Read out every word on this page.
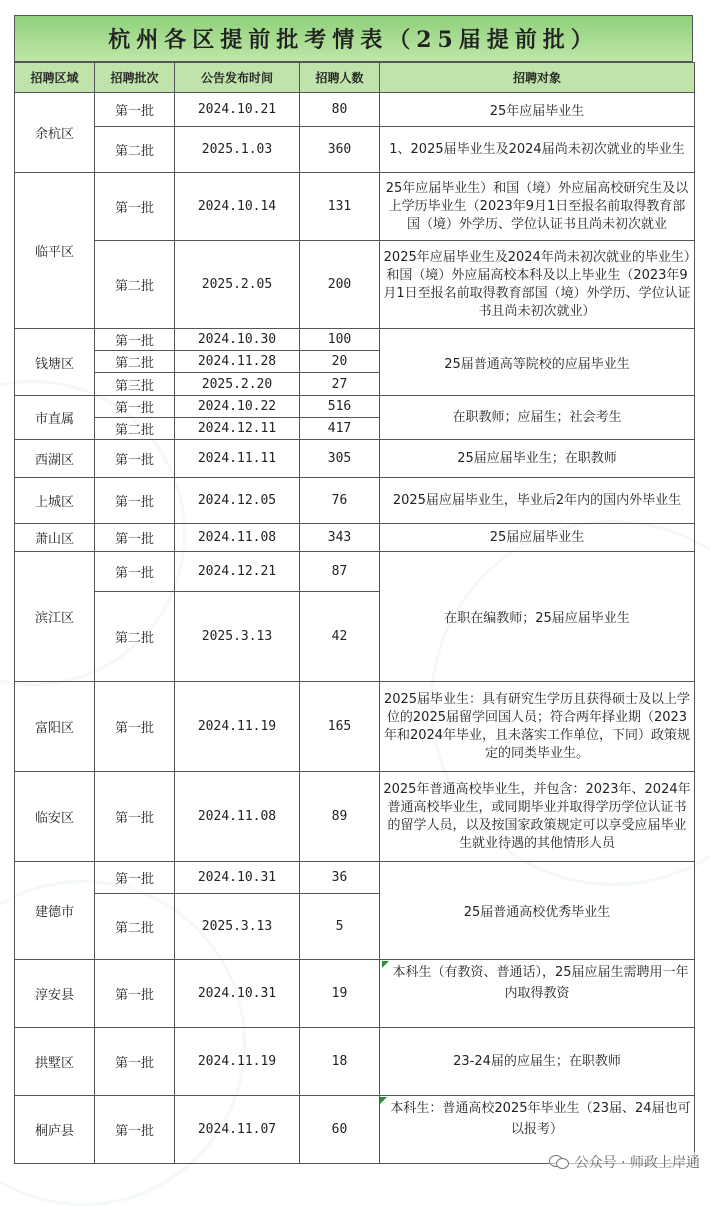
杭州各区提前批考情表（25届提前批）
招聘区域	招聘批次	公告发布时间	招聘人数	招聘对象
余杭区	第一批	2024.10.21	80	25年应届毕业生
	第二批	2025.1.03	360	1、2025届毕业生及2024届尚未初次就业的毕业生
临平区	第一批	2024.10.14	131	25年应届毕业生）和国（境）外应届高校研究生及以上学历毕业生（2023年9月1日至报名前取得教育部国（境）外学历、学位认证书且尚未初次就业
	第二批	2025.2.05	200	2025年应届毕业生及2024年尚未初次就业的毕业生）和国（境）外应届高校本科及以上毕业生（2023年9月1日至报名前取得教育部国（境）外学历、学位认证书且尚未初次就业）
钱塘区	第一批	2024.10.30	100	25届普通高等院校的应届毕业生
	第二批	2024.11.28	20	
	第三批	2025.2.20	27	
市直属	第一批	2024.10.22	516	在职教师；应届生；社会考生
	第二批	2024.12.11	417	
西湖区	第一批	2024.11.11	305	25届应届毕业生；在职教师
上城区	第一批	2024.12.05	76	2025届应届毕业生，毕业后2年内的国内外毕业生
萧山区	第一批	2024.11.08	343	25届应届毕业生
滨江区	第一批	2024.12.21	87	在职在编教师；25届应届毕业生
	第二批	2025.3.13	42	
富阳区	第一批	2024.11.19	165	2025届毕业生：具有研究生学历且获得硕士及以上学位的2025届留学回国人员；符合两年择业期（2023年和2024年毕业，且未落实工作单位，下同）政策规定的同类毕业生。
临安区	第一批	2024.11.08	89	2025年普通高校毕业生，并包含：2023年、2024年普通高校毕业生，或同期毕业并取得学历学位认证书的留学人员，以及按国家政策规定可以享受应届毕业生就业待遇的其他情形人员
建德市	第一批	2024.10.31	36	25届普通高校优秀毕业生
	第二批	2025.3.13	5	
淳安县	第一批	2024.10.31	19	本科生（有教资、普通话），25届应届生需聘用一年内取得教资
拱墅区	第一批	2024.11.19	18	23-24届的应届生；在职教师
桐庐县	第一批	2024.11.07	60	本科生：普通高校2025年毕业生（23届、24届也可以报考）
公众号 · 师政上岸通
